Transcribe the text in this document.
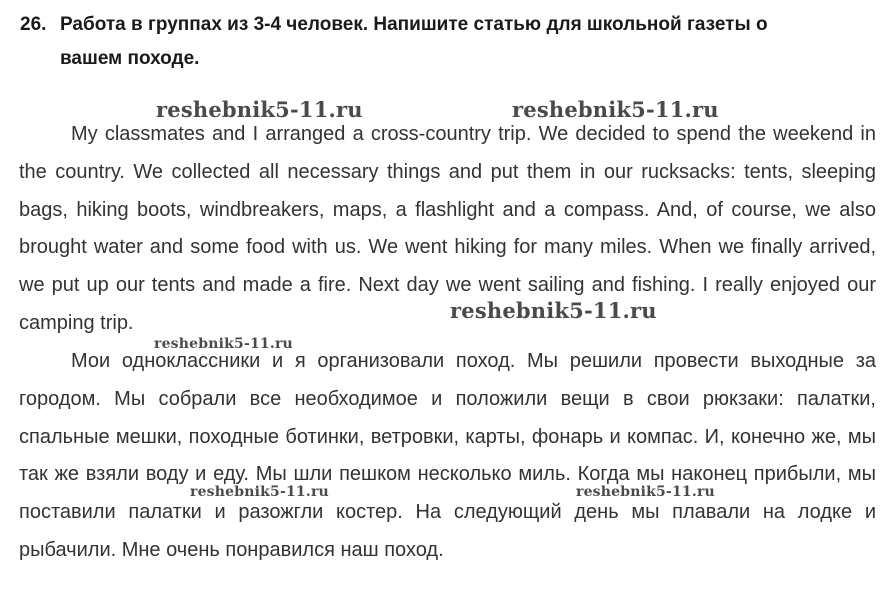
26. Работа в группах из 3-4 человек. Напишите статью для школьной газеты о
вашем походе.
My classmates and I arranged a cross-country trip. We decided to spend the weekend in the country. We collected all necessary things and put them in our rucksacks: tents, sleeping bags, hiking boots, windbreakers, maps, a flashlight and a compass. And, of course, we also brought water and some food with us. We went hiking for many miles. When we finally arrived, we put up our tents and made a fire. Next day we went sailing and fishing. I really enjoyed our camping trip.
Мои одноклассники и я организовали поход. Мы решили провести выходные за городом. Мы собрали все необходимое и положили вещи в свои рюкзаки: палатки, спальные мешки, походные ботинки, ветровки, карты, фонарь и компас. И, конечно же, мы так же взяли воду и еду. Мы шли пешком несколько миль. Когда мы наконец прибыли, мы поставили палатки и разожгли костер. На следующий день мы плавали на лодке и рыбачили. Мне очень понравился наш поход.
reshebnik5-11.ru	reshebnik5-11.ru
reshebnik5-11.ru
reshebnik5-11.ru
reshebnik5-11.ru	reshebnik5-11.ru
